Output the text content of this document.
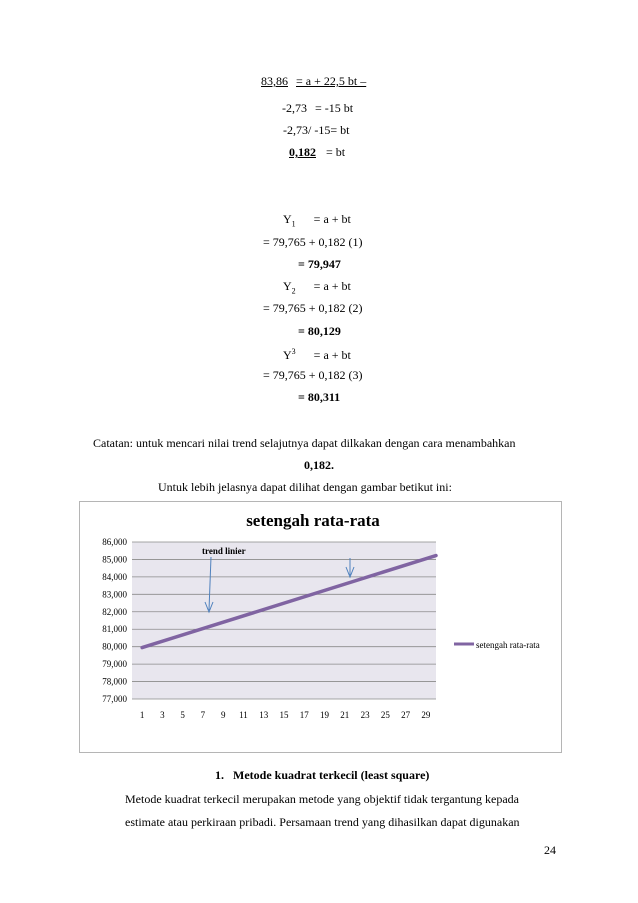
83,86 = a + 22,5 bt –
-2,73 = -15 bt
-2,73/ -15= bt
0,182 = bt
$Y_1 = a$ + bt
= 79,765 + 0,182 (1)
= 79,947
$Y_2 = a$ + bt
= 79,765 + 0,182 (2)
= 80,129
$Y^3 = a$ + bt
= 79,765 + 0,182 (3)
= 80,311
Catatan: untuk mencari nilai trend selajutnya dapat dilkakan dengan cara menambahkan
0,182.
Untuk lebih jelasnya dapat dilihat dengan gambar betikut ini:
setengah rata-rata
77,000
78,000
79,000
80,000
81,000
82,000
83,000
84,000
85,000
86,000
1 3 5 7 9 11 13 15 17 19 21 23 25 27 29
trend linier
setengah rata-rata
1. Metode kuadrat terkecil (least square)
Metode kuadrat terkecil merupakan metode yang objektif tidak tergantung kepada
estimate atau perkiraan pribadi. Persamaan trend yang dihasilkan dapat digunakan
24
